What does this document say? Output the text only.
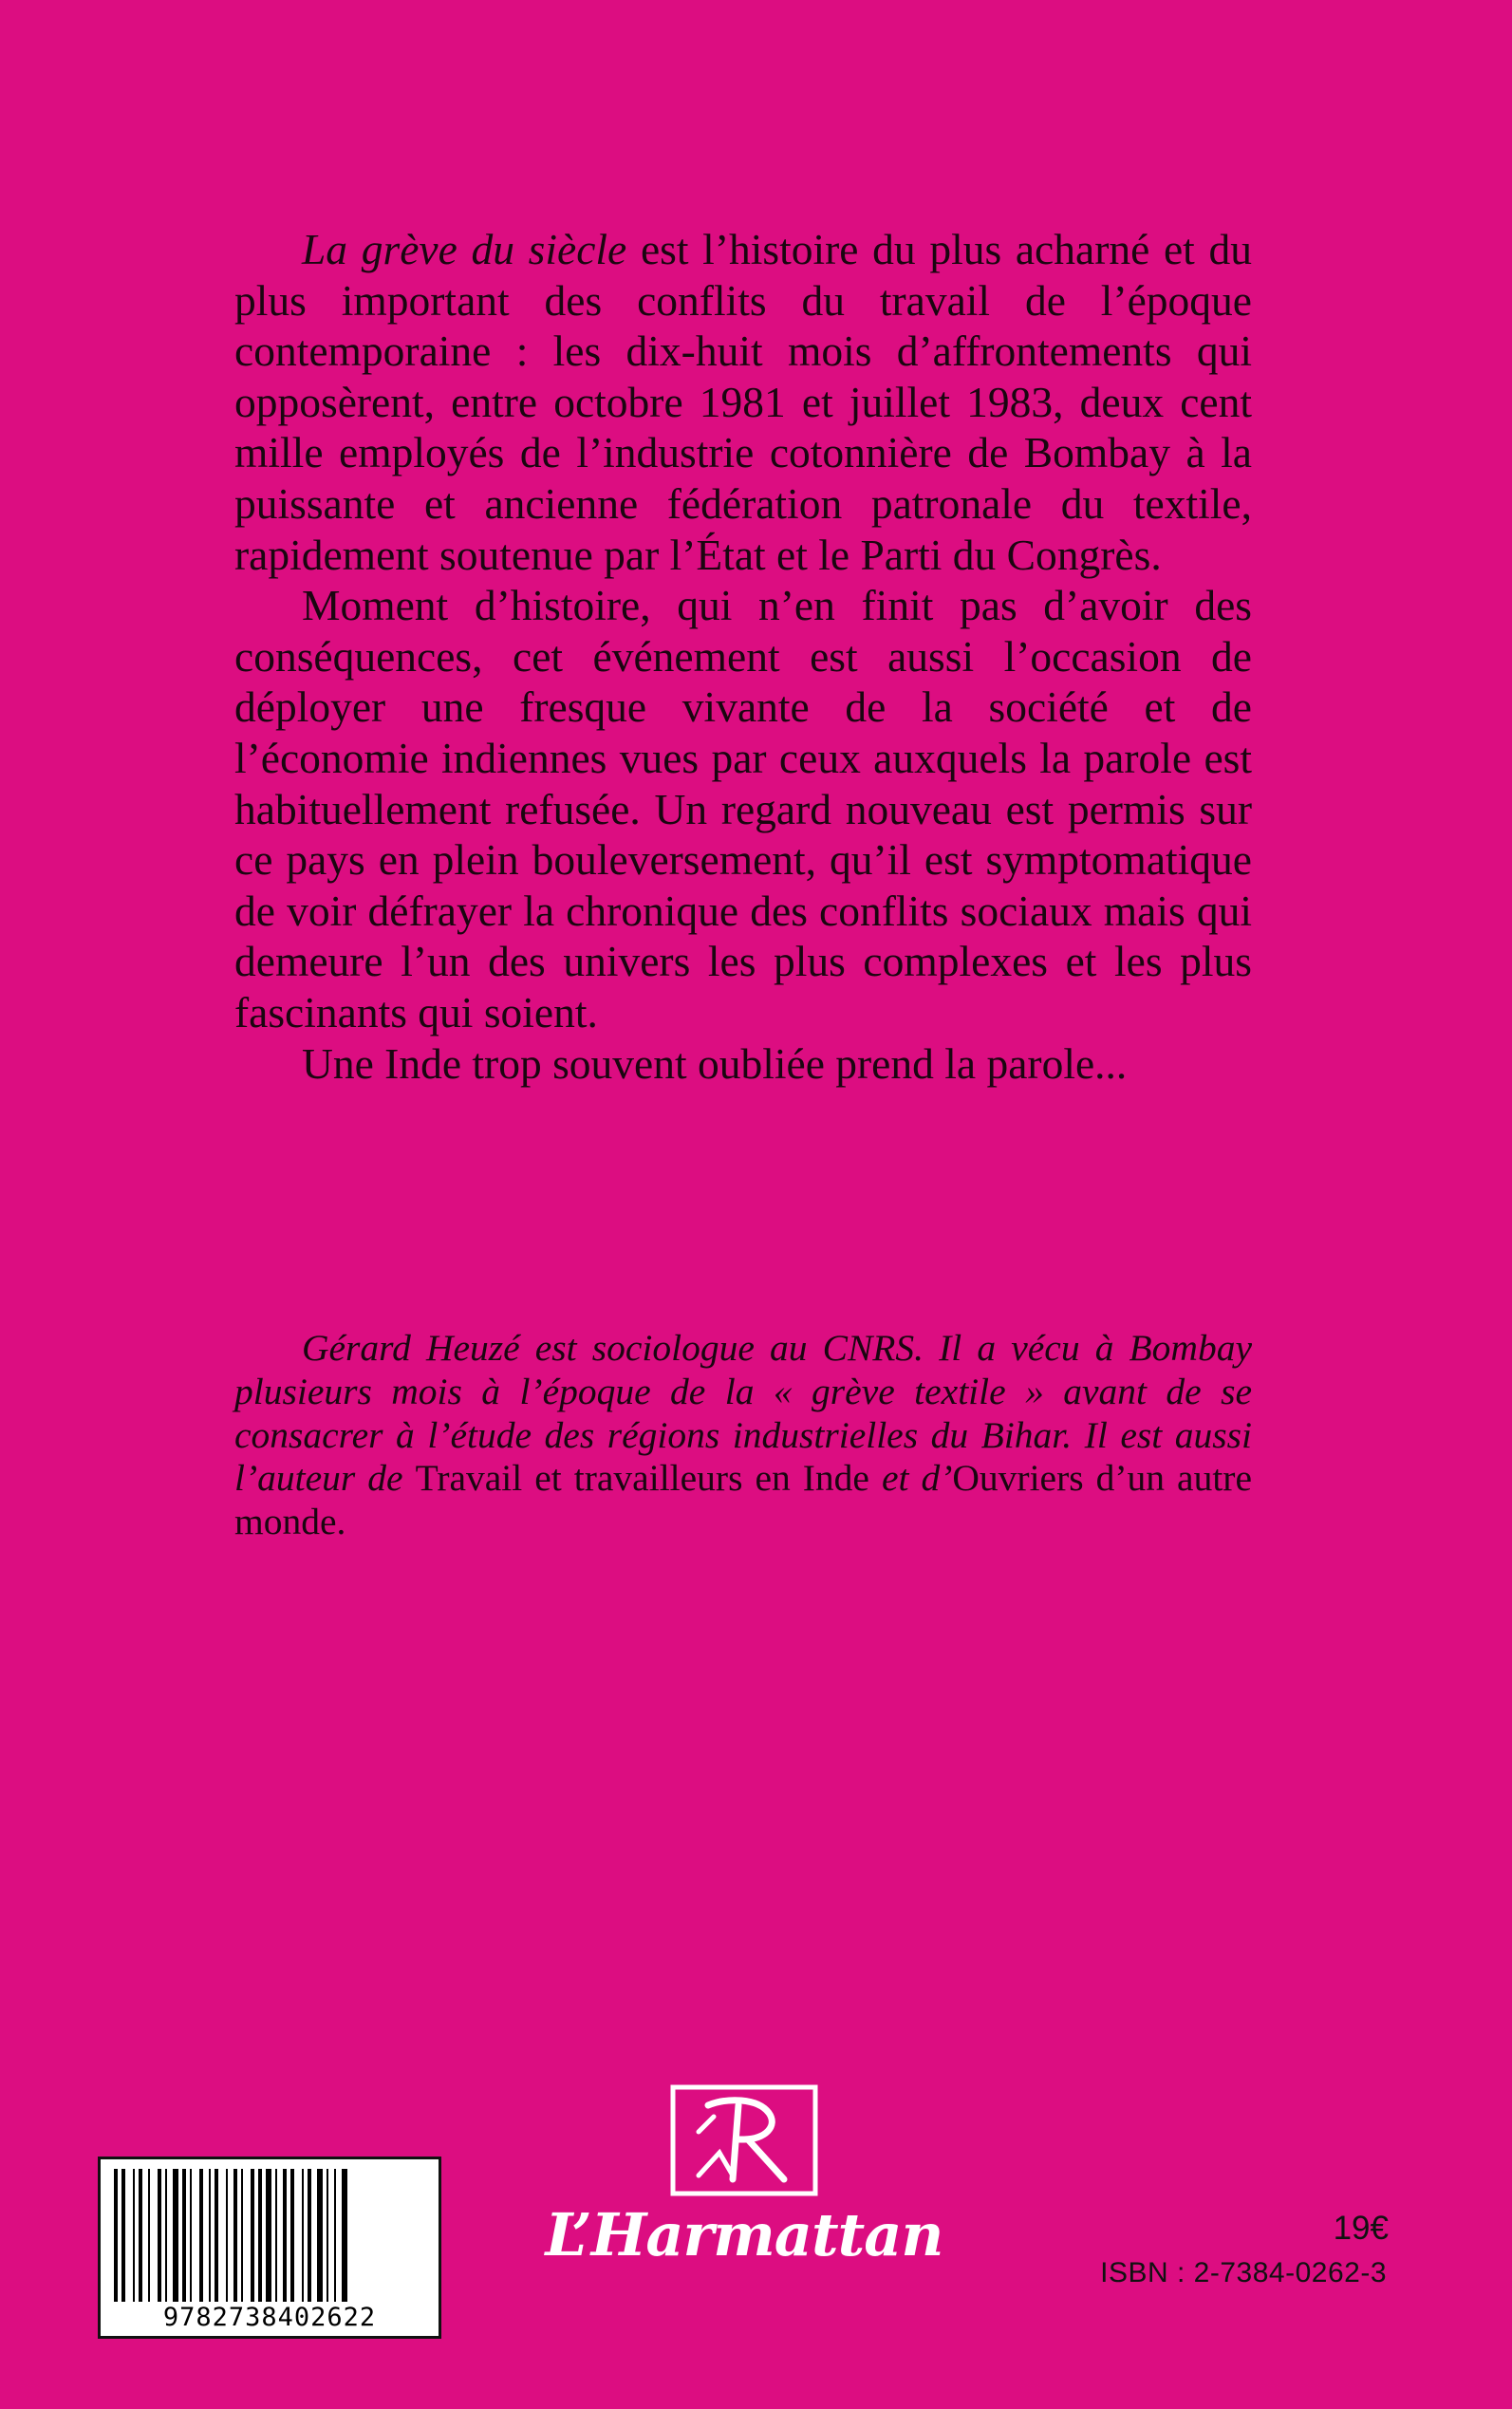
La grève du siècle est l’histoire du plus acharné et du plus important des conflits du travail de l’époque contemporaine : les dix-huit mois d’affrontements qui opposèrent, entre octobre 1981 et juillet 1983, deux cent mille employés de l’industrie cotonnière de Bombay à la puissante et ancienne fédération patronale du textile, rapidement soutenue par l’État et le Parti du Congrès.

Moment d’histoire, qui n’en finit pas d’avoir des conséquences, cet événement est aussi l’occasion de déployer une fresque vivante de la société et de l’économie indiennes vues par ceux auxquels la parole est habituellement refusée. Un regard nouveau est permis sur ce pays en plein bouleversement, qu’il est symptomatique de voir défrayer la chronique des conflits sociaux mais qui demeure l’un des univers les plus complexes et les plus fascinants qui soient.

Une Inde trop souvent oubliée prend la parole...

Gérard Heuzé est sociologue au CNRS. Il a vécu à Bombay plusieurs mois à l’époque de la « grève textile » avant de se consacrer à l’étude des régions industrielles du Bihar. Il est aussi l’auteur de Travail et travailleurs en Inde et d’Ouvriers d’un autre monde.

9782738402622
L’Harmattan	19€
ISBN : 2-7384-0262-3
